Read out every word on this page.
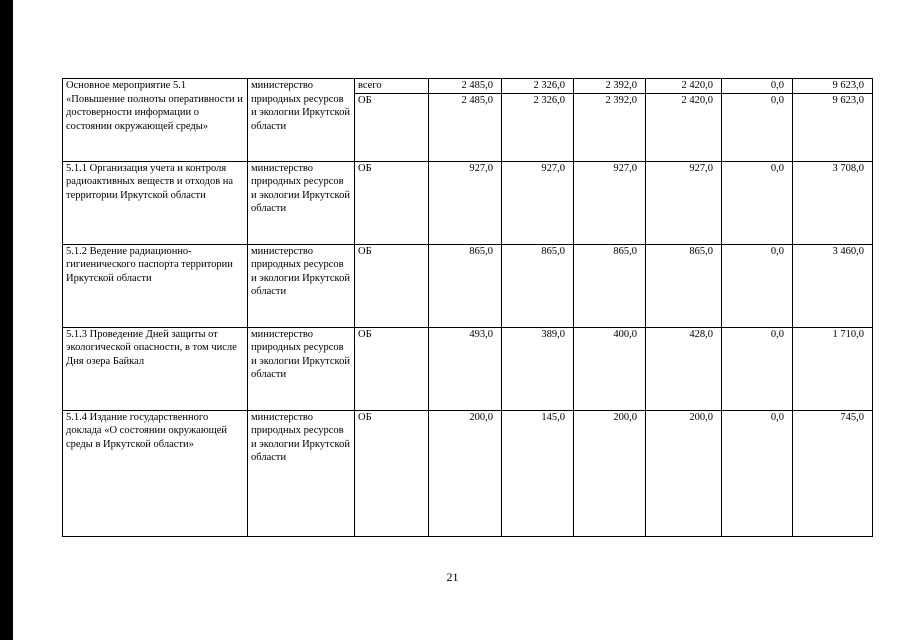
Основное мероприятие 5.1 «Повышение полноты оперативности и достоверности информации о состоянии окружающей среды»	министерство природных ресурсов и экологии Иркутской области	всего	2 485,0	2 326,0	2 392,0	2 420,0	0,0	9 623,0
		ОБ	2 485,0	2 326,0	2 392,0	2 420,0	0,0	9 623,0
5.1.1 Организация учета и контроля радиоактивных веществ и отходов на территории Иркутской области	министерство природных ресурсов и экологии Иркутской области	ОБ	927,0	927,0	927,0	927,0	0,0	3 708,0
5.1.2 Ведение радиационно-гигиенического паспорта территории Иркутской области	министерство природных ресурсов и экологии Иркутской области	ОБ	865,0	865,0	865,0	865,0	0,0	3 460,0
5.1.3 Проведение Дней защиты от экологической опасности, в том числе Дня озера Байкал	министерство природных ресурсов и экологии Иркутской области	ОБ	493,0	389,0	400,0	428,0	0,0	1 710,0
5.1.4 Издание государственного доклада «О состоянии окружающей среды в Иркутской области»	министерство природных ресурсов и экологии Иркутской области	ОБ	200,0	145,0	200,0	200,0	0,0	745,0
21
